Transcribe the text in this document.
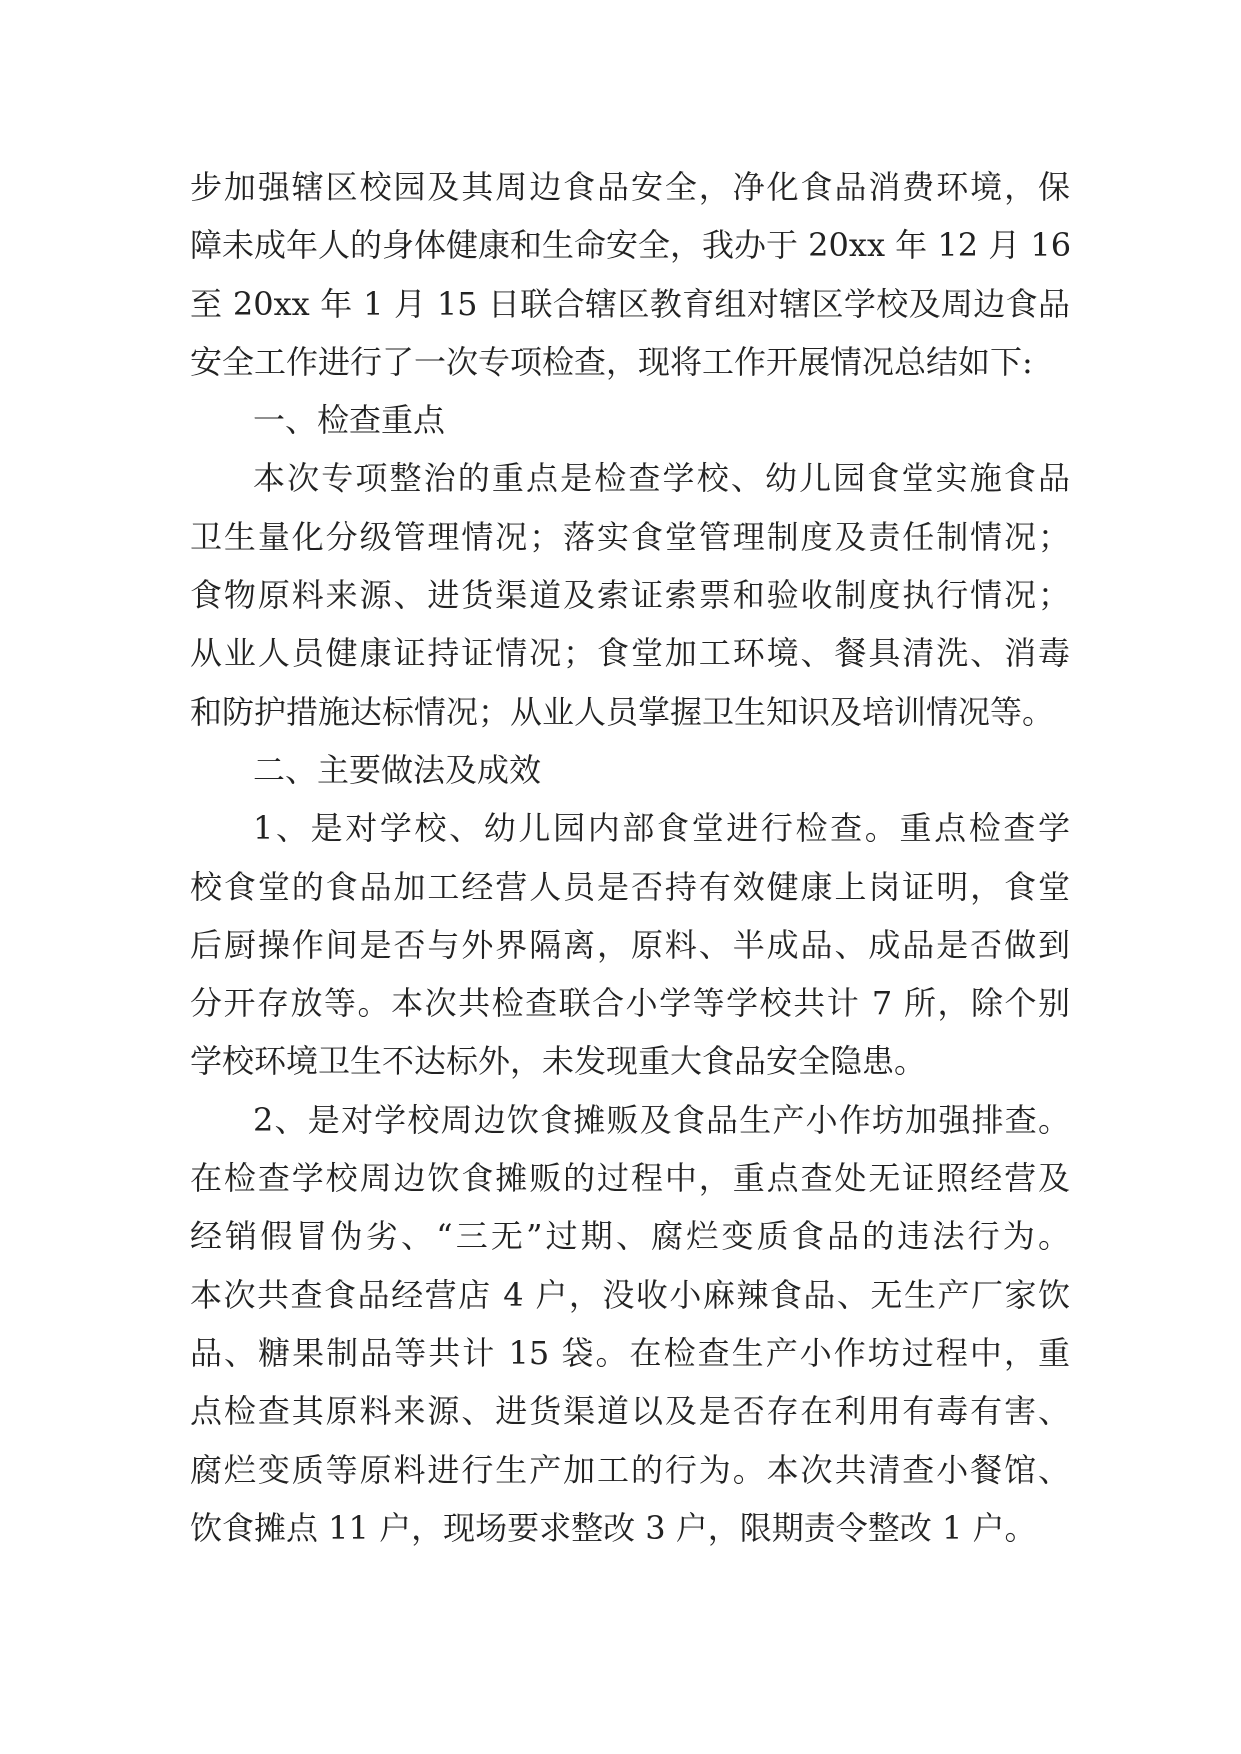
步加强辖区校园及其周边食品安全，净化食品消费环境，保
障未成年人的身体健康和生命安全，我办于 20xx 年 12 月 16
至 20xx 年 1 月 15 日联合辖区教育组对辖区学校及周边食品
安全工作进行了一次专项检查，现将工作开展情况总结如下:
一、检查重点
本次专项整治的重点是检查学校、幼儿园食堂实施食品
卫生量化分级管理情况；落实食堂管理制度及责任制情况；
食物原料来源、进货渠道及索证索票和验收制度执行情况；
从业人员健康证持证情况；食堂加工环境、餐具清洗、消毒
和防护措施达标情况；从业人员掌握卫生知识及培训情况等。
二、主要做法及成效
1、是对学校、幼儿园内部食堂进行检查。重点检查学
校食堂的食品加工经营人员是否持有效健康上岗证明，食堂
后厨操作间是否与外界隔离，原料、半成品、成品是否做到
分开存放等。本次共检查联合小学等学校共计 7 所，除个别
学校环境卫生不达标外，未发现重大食品安全隐患。
2、是对学校周边饮食摊贩及食品生产小作坊加强排查。
在检查学校周边饮食摊贩的过程中，重点查处无证照经营及
经销假冒伪劣、“三无”过期、腐烂变质食品的违法行为。
本次共查食品经营店 4 户，没收小麻辣食品、无生产厂家饮
品、糖果制品等共计 15 袋。在检查生产小作坊过程中，重
点检查其原料来源、进货渠道以及是否存在利用有毒有害、
腐烂变质等原料进行生产加工的行为。本次共清查小餐馆、
饮食摊点 11 户，现场要求整改 3 户，限期责令整改 1 户。
